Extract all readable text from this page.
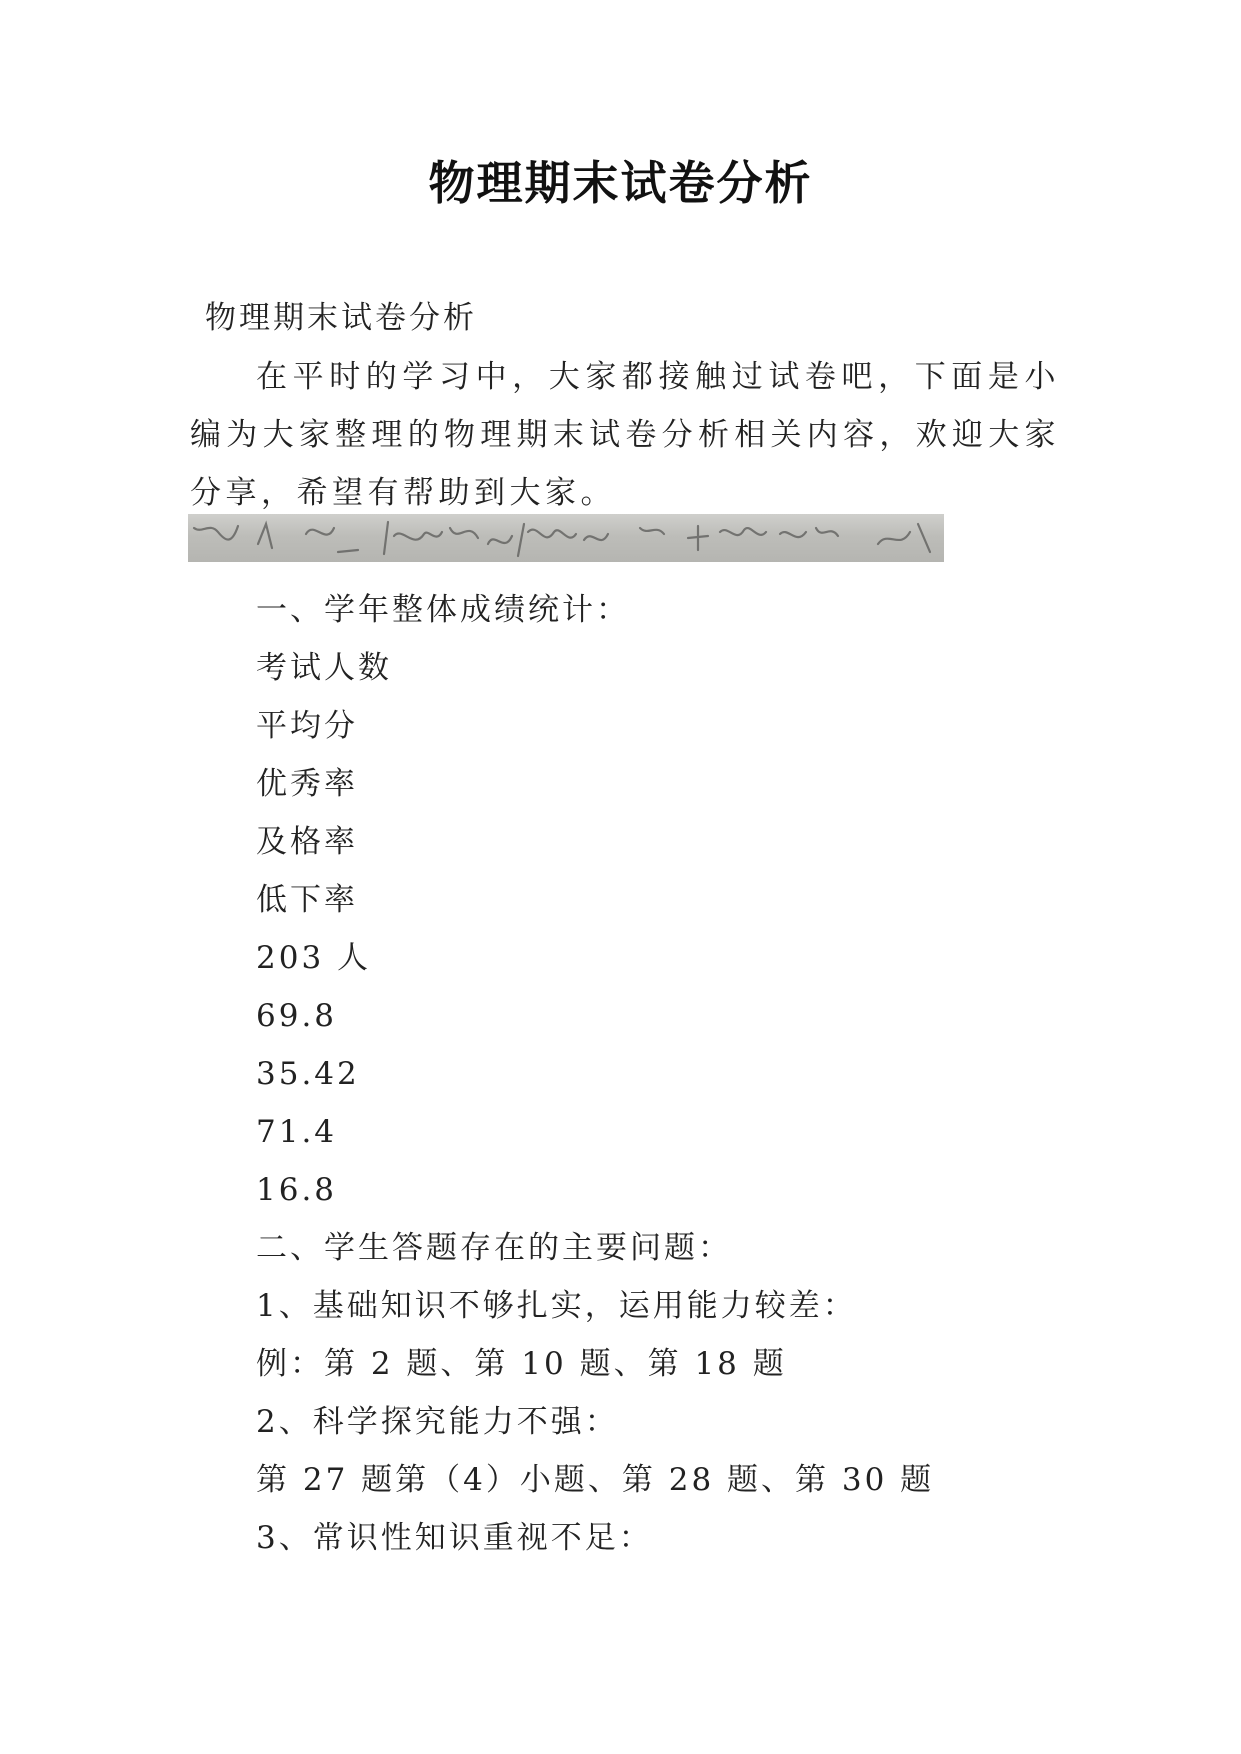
物理期末试卷分析

物理期末试卷分析

在平时的学习中，大家都接触过试卷吧，下面是小编为大家整理的物理期末试卷分析相关内容，欢迎大家分享，希望有帮助到大家。

一、学年整体成绩统计：

考试人数

平均分

优秀率

及格率

低下率

203 人

69.8

35.42

71.4

16.8

二、学生答题存在的主要问题：

1、基础知识不够扎实，运用能力较差：

例：第 2 题、第 10 题、第 18 题

2、科学探究能力不强：

第 27 题第（4）小题、第 28 题、第 30 题

3、常识性知识重视不足：
